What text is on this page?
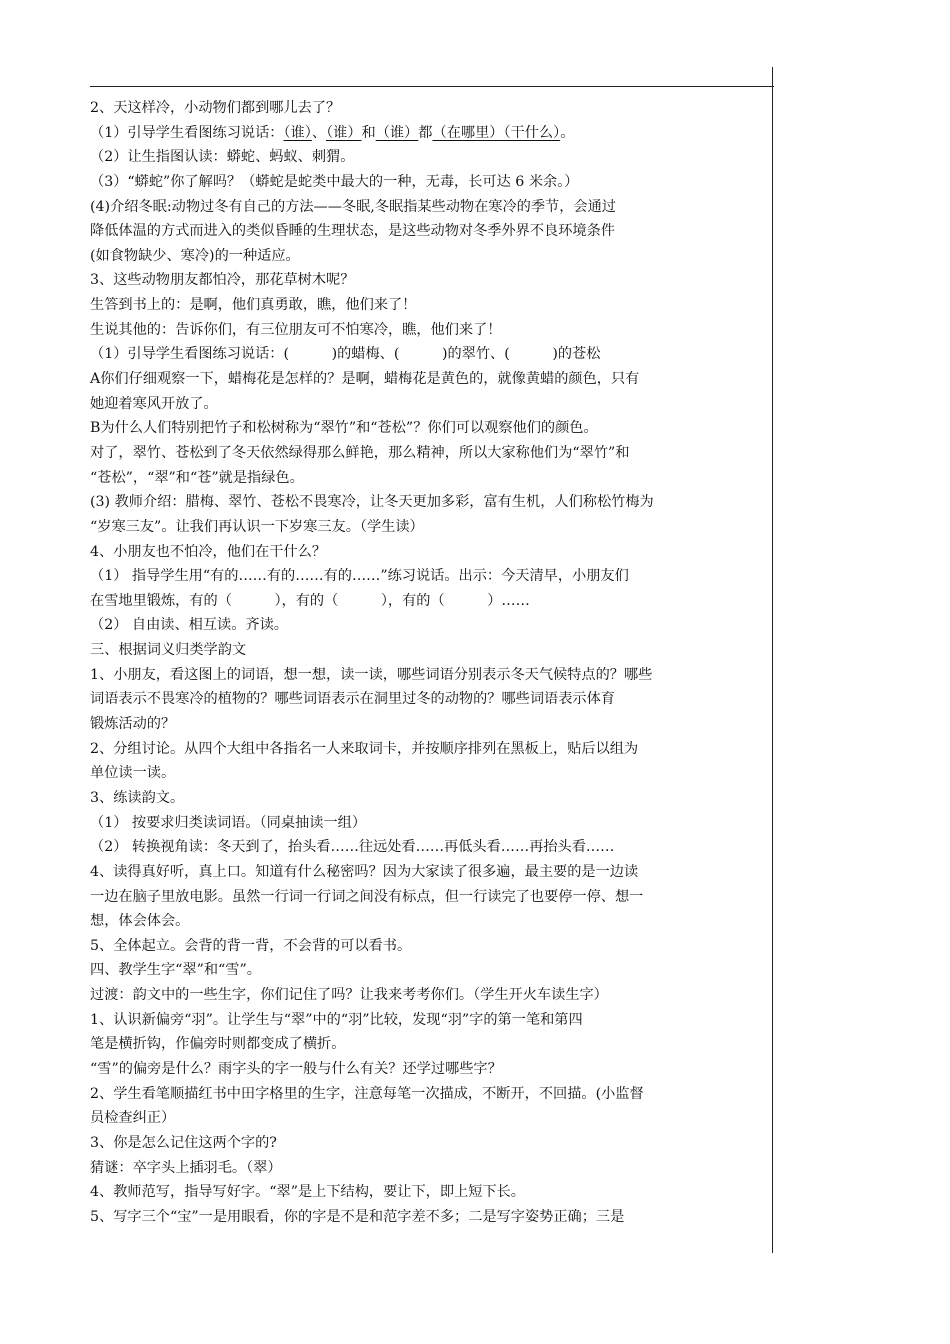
2、天这样冷，小动物们都到哪儿去了？
（1）引导学生看图练习说话：（谁）、（谁）和（谁）都（在哪里）（干什么）。
（2）让生指图认读：蟒蛇、蚂蚁、刺猬。
（3）“蟒蛇”你了解吗？（蟒蛇是蛇类中最大的一种，无毒，长可达 6 米余。）
(4)介绍冬眠:动物过冬有自己的方法——冬眠,冬眠指某些动物在寒冷的季节，会通过
降低体温的方式而进入的类似昏睡的生理状态，是这些动物对冬季外界不良环境条件
(如食物缺少、寒冷)的一种适应。
3、这些动物朋友都怕冷，那花草树木呢？
生答到书上的：是啊，他们真勇敢，瞧，他们来了！
生说其他的：告诉你们，有三位朋友可不怕寒冷，瞧，他们来了！
（1）引导学生看图练习说话：(　　　)的蜡梅、(　　　)的翠竹、(　　　)的苍松
A你们仔细观察一下，蜡梅花是怎样的？是啊，蜡梅花是黄色的，就像黄蜡的颜色，只有
她迎着寒风开放了。
B为什么人们特别把竹子和松树称为“翠竹”和“苍松”？你们可以观察他们的颜色。
对了，翠竹、苍松到了冬天依然绿得那么鲜艳，那么精神，所以大家称他们为“翠竹”和
“苍松”，“翠”和“苍”就是指绿色。
(3) 教师介绍：腊梅、翠竹、苍松不畏寒冷，让冬天更加多彩，富有生机，人们称松竹梅为
“岁寒三友”。让我们再认识一下岁寒三友。（学生读）
4、小朋友也不怕冷，他们在干什么？
（1） 指导学生用“有的……有的……有的……”练习说话。出示：今天清早，小朋友们
在雪地里锻炼，有的（　　　），有的（　　　），有的（　　　）……
（2） 自由读、相互读。齐读。
三、根据词义归类学韵文
1、小朋友，看这图上的词语，想一想，读一读，哪些词语分别表示冬天气候特点的？哪些
词语表示不畏寒冷的植物的？哪些词语表示在洞里过冬的动物的？哪些词语表示体育
锻炼活动的？
2、分组讨论。从四个大组中各指名一人来取词卡，并按顺序排列在黑板上，贴后以组为
单位读一读。
3、练读韵文。
（1） 按要求归类读词语。（同桌抽读一组）
（2） 转换视角读：冬天到了，抬头看……往远处看……再低头看……再抬头看……
4、读得真好听，真上口。知道有什么秘密吗？因为大家读了很多遍，最主要的是一边读
一边在脑子里放电影。虽然一行词一行词之间没有标点，但一行读完了也要停一停、想一
想，体会体会。
5、全体起立。会背的背一背，不会背的可以看书。
四、教学生字“翠”和“雪”。
过渡：韵文中的一些生字，你们记住了吗？让我来考考你们。（学生开火车读生字）
1、认识新偏旁“羽”。让学生与“翠”中的“羽”比较，发现“羽”字的第一笔和第四
笔是横折钩，作偏旁时则都变成了横折。
“雪”的偏旁是什么？雨字头的字一般与什么有关？还学过哪些字？
2、学生看笔顺描红书中田字格里的生字，注意每笔一次描成，不断开，不回描。(小监督
员检查纠正）
3、你是怎么记住这两个字的?
猜谜：卒字头上插羽毛。（翠）
4、教师范写，指导写好字。“翠”是上下结构，要让下，即上短下长。
5、写字三个“宝”一是用眼看，你的字是不是和范字差不多；二是写字姿势正确；三是
